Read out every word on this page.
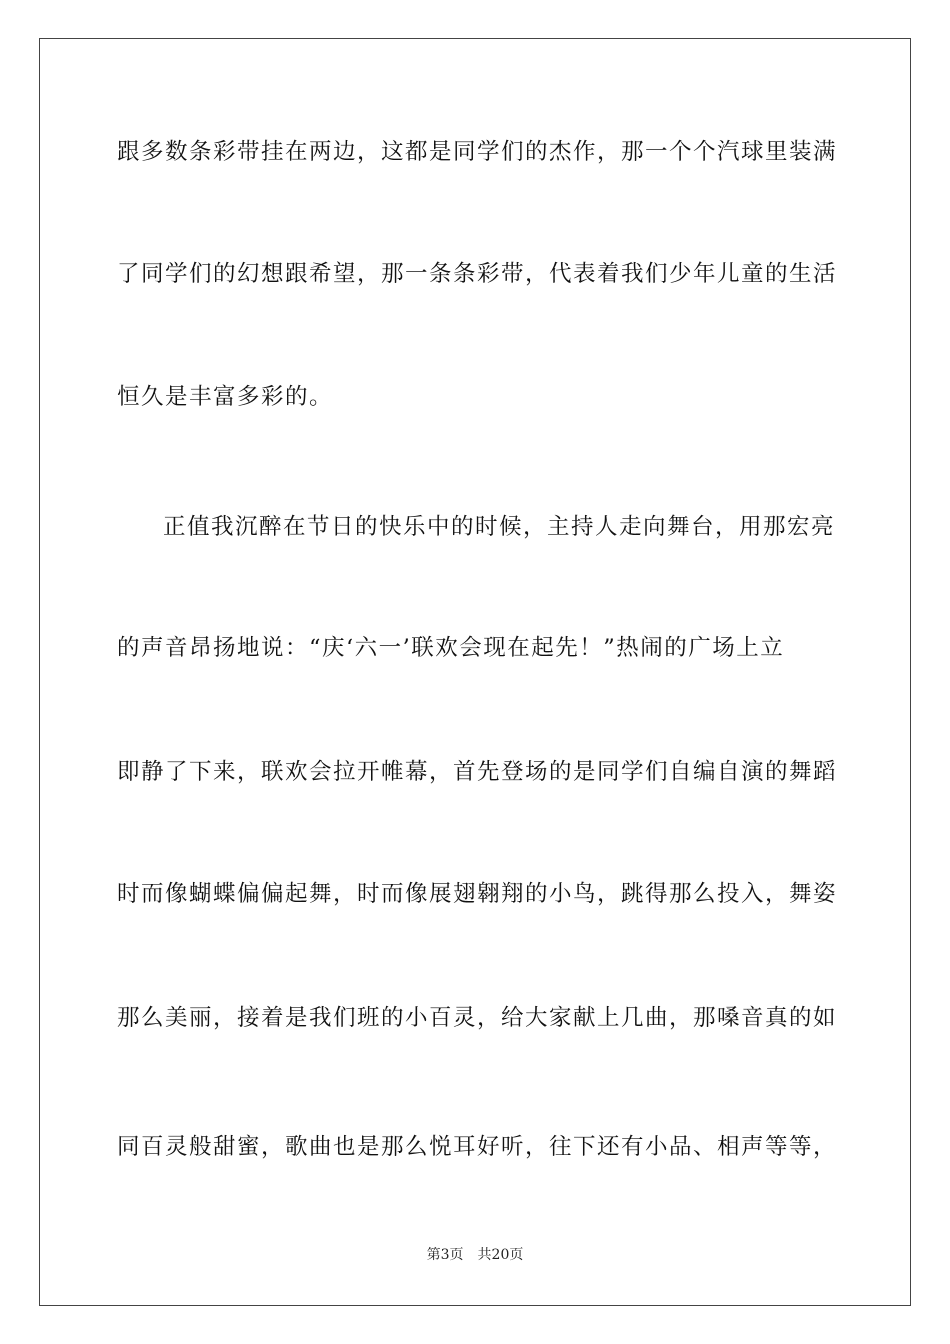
跟多数条彩带挂在两边，这都是同学们的杰作，那一个个汽球里装满
了同学们的幻想跟希望，那一条条彩带，代表着我们少年儿童的生活
恒久是丰富多彩的。
正值我沉醉在节日的快乐中的时候，主持人走向舞台，用那宏亮
的声音昂扬地说：“庆‘六一’联欢会现在起先！”热闹的广场上立
即静了下来，联欢会拉开帷幕，首先登场的是同学们自编自演的舞蹈
时而像蝴蝶偏偏起舞，时而像展翅翱翔的小鸟，跳得那么投入，舞姿
那么美丽，接着是我们班的小百灵，给大家献上几曲，那嗓音真的如
同百灵般甜蜜，歌曲也是那么悦耳好听，往下还有小品、相声等等，
第3页 共20页
